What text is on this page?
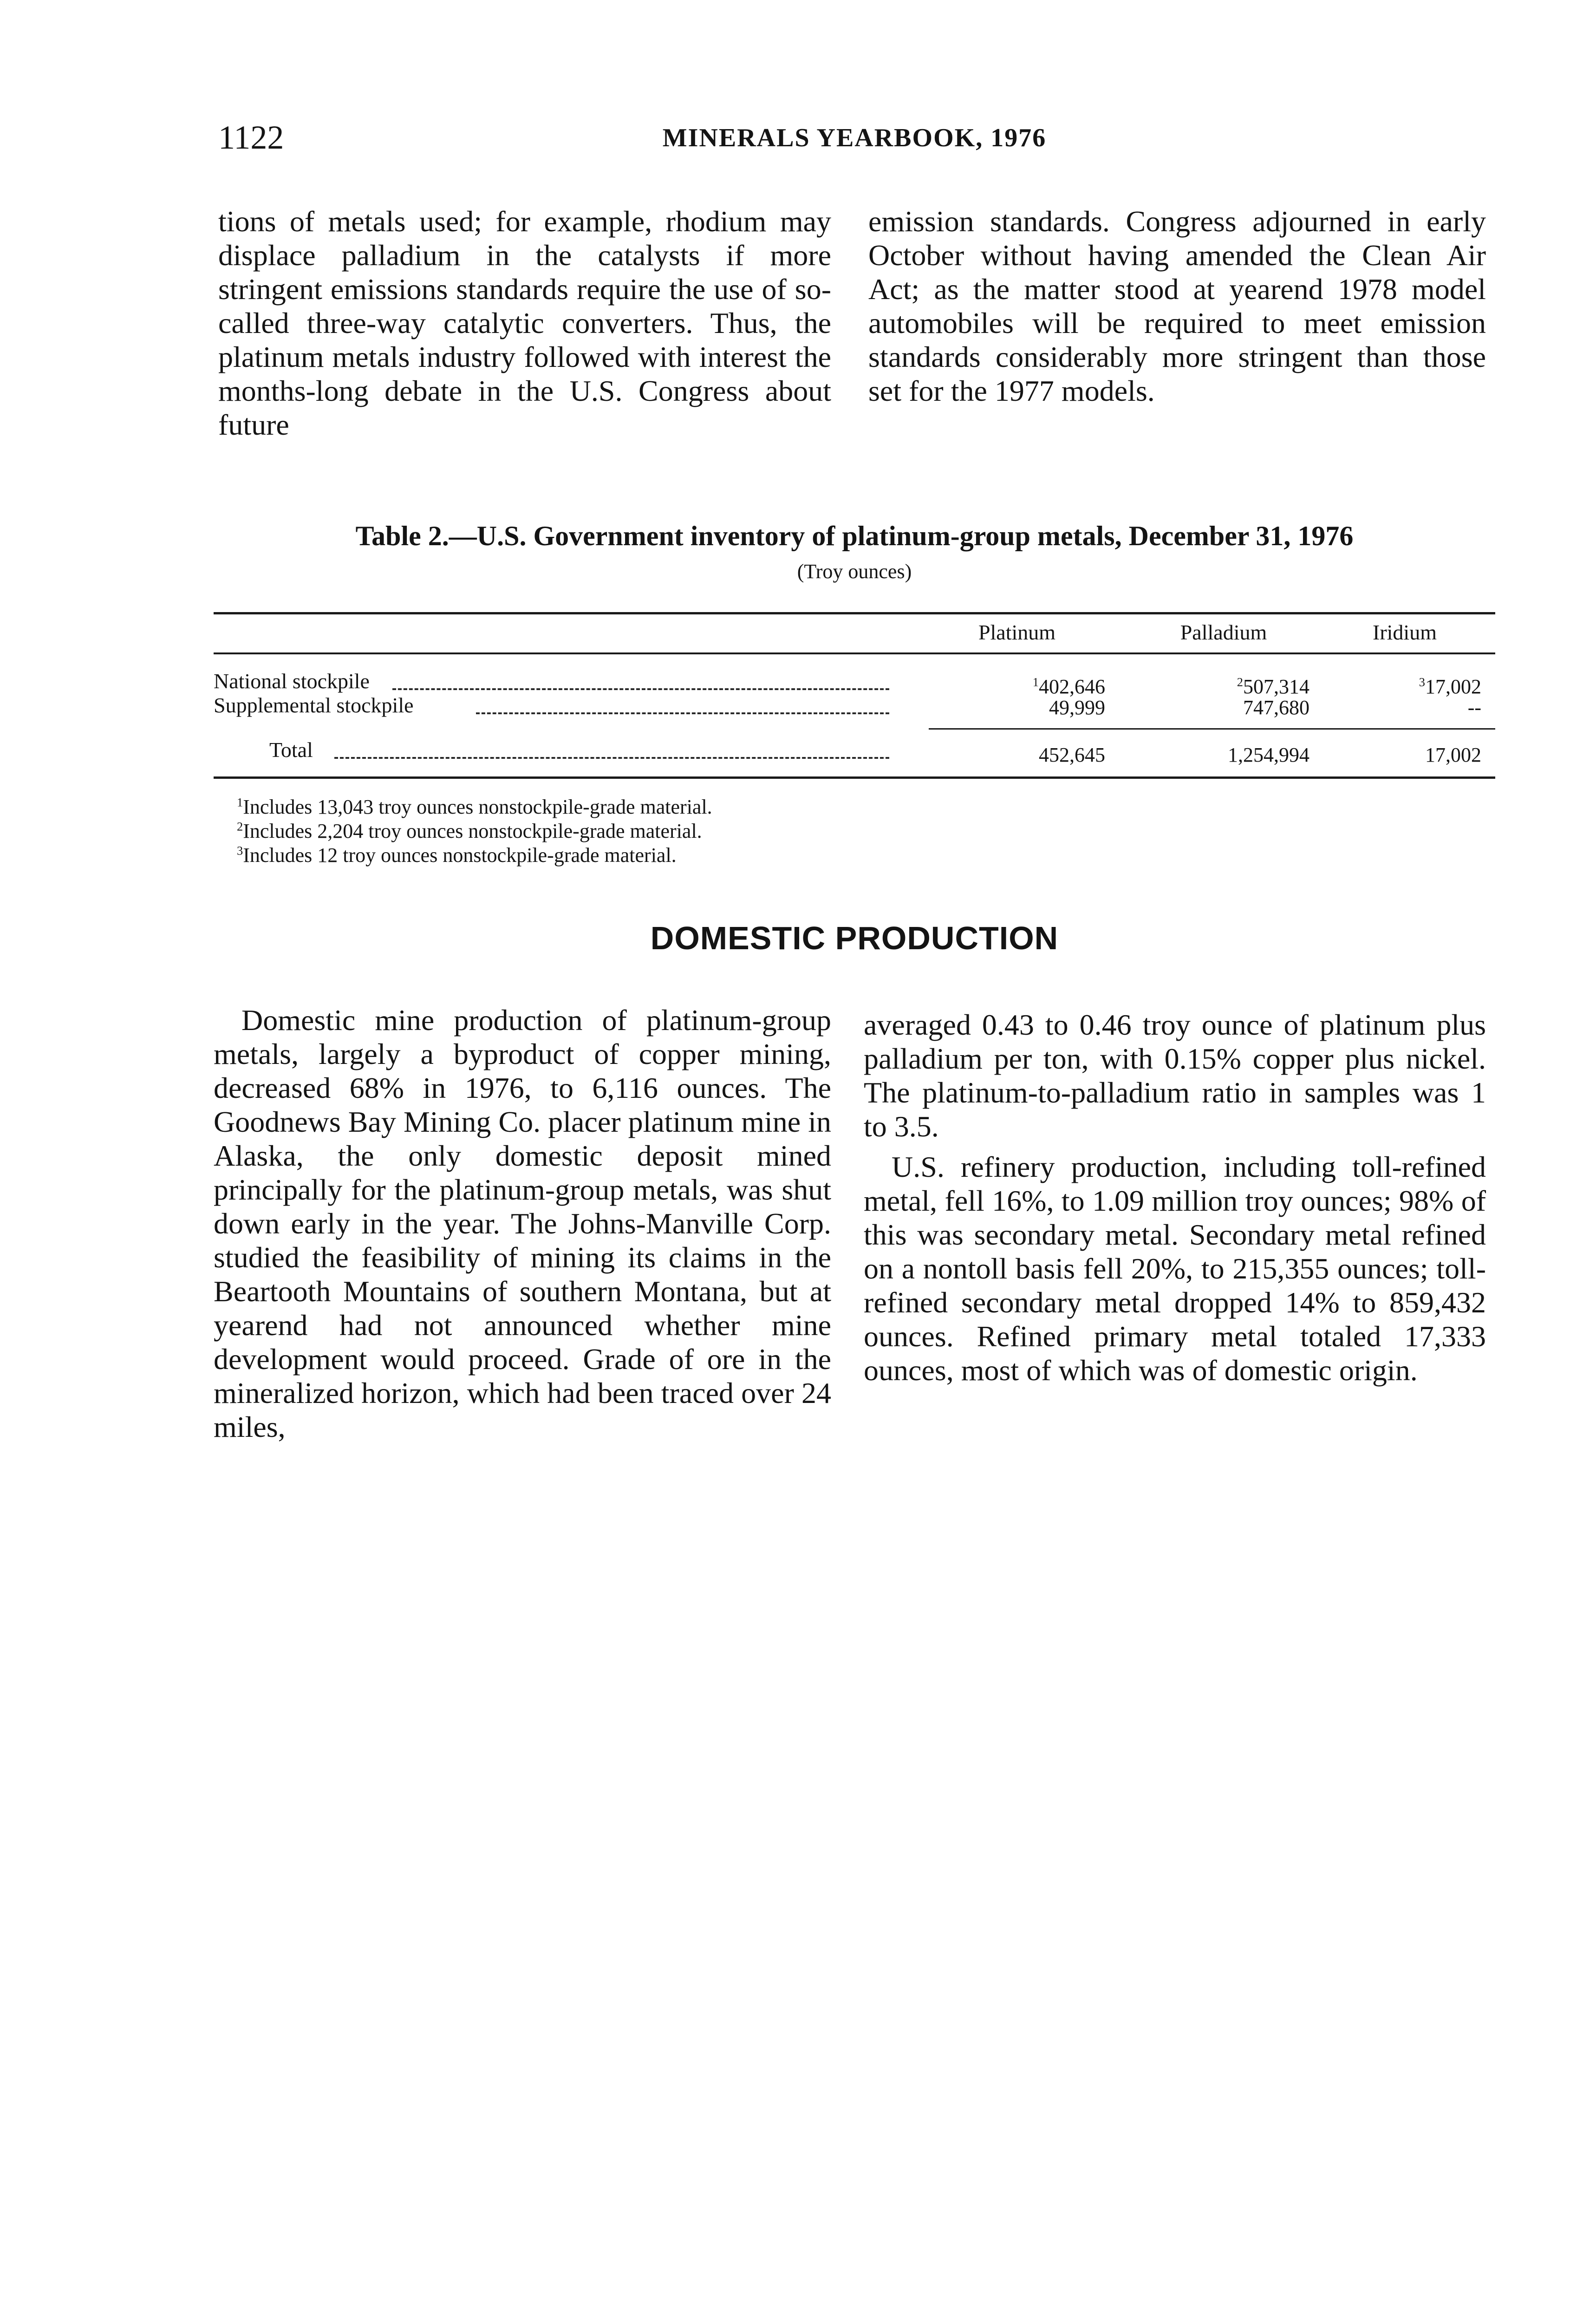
1122	MINERALS YEARBOOK, 1976

tions of metals used; for example, rhodium may displace palladium in the catalysts if more stringent emissions standards require the use of so-called three-way catalytic converters. Thus, the platinum metals industry followed with interest the months-long debate in the U.S. Congress about future

emission standards. Congress adjourned in early October without having amended the Clean Air Act; as the matter stood at yearend 1978 model automobiles will be required to meet emission standards considerably more stringent than those set for the 1977 models.

Table 2.—U.S. Government inventory of platinum-group metals, December 31, 1976
(Troy ounces)
Platinum	Palladium	Iridium
National stockpile	$^1$402,646	$^2$507,314	$^3$17,002
Supplemental stockpile	49,999	747,680	--
Total	452,645	1,254,994	17,002
$^1$Includes 13,043 troy ounces nonstockpile-grade material.
$^2$Includes 2,204 troy ounces nonstockpile-grade material.
$^3$Includes 12 troy ounces nonstockpile-grade material.
DOMESTIC PRODUCTION

Domestic mine production of platinum-group metals, largely a byproduct of copper mining, decreased 68% in 1976, to 6,116 ounces. The Goodnews Bay Mining Co. placer platinum mine in Alaska, the only domestic deposit mined principally for the platinum-group metals, was shut down early in the year. The Johns-Manville Corp. studied the feasibility of mining its claims in the Beartooth Mountains of southern Montana, but at yearend had not announced whether mine development would proceed. Grade of ore in the mineralized horizon, which had been traced over 24 miles,

averaged 0.43 to 0.46 troy ounce of platinum plus palladium per ton, with 0.15% copper plus nickel. The platinum-to-palladium ratio in samples was 1 to 3.5.

U.S. refinery production, including toll-refined metal, fell 16%, to 1.09 million troy ounces; 98% of this was secondary metal. Secondary metal refined on a nontoll basis fell 20%, to 215,355 ounces; toll-refined secondary metal dropped 14% to 859,432 ounces. Refined primary metal totaled 17,333 ounces, most of which was of domestic origin.
